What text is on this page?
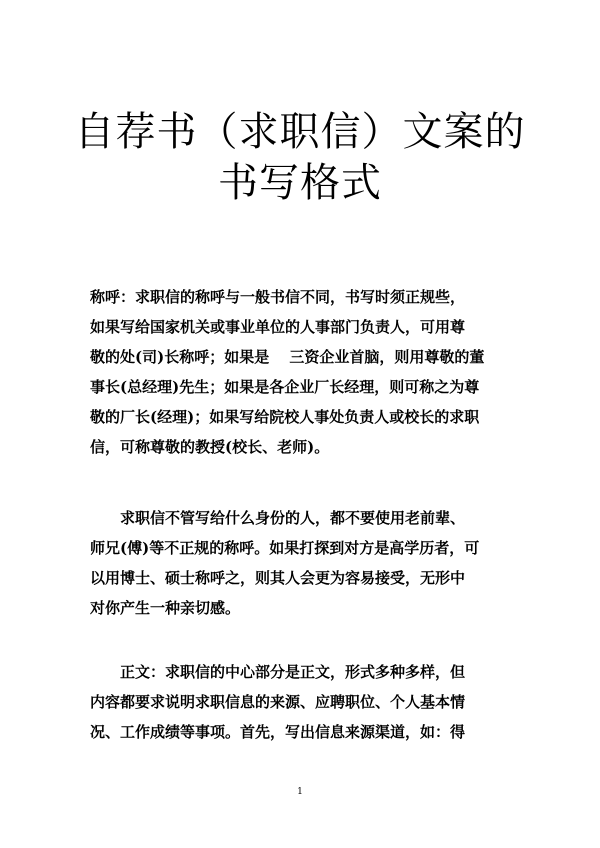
自荐书（求职信）文案的
书写格式
称呼：求职信的称呼与一般书信不同，书写时须正规些，
如果写给国家机关或事业单位的人事部门负责人，可用尊
敬的处(司)长称呼；如果是　 三资企业首脑，则用尊敬的董
事长(总经理)先生；如果是各企业厂长经理，则可称之为尊
敬的厂长(经理)；如果写给院校人事处负责人或校长的求职
信，可称尊敬的教授(校长、老师)。
求职信不管写给什么身份的人，都不要使用老前辈、
师兄(傅)等不正规的称呼。如果打探到对方是高学历者，可
以用博士、硕士称呼之，则其人会更为容易接受，无形中
对你产生一种亲切感。
正文：求职信的中心部分是正文，形式多种多样，但
内容都要求说明求职信息的来源、应聘职位、个人基本情
况、工作成绩等事项。首先，写出信息来源渠道，如：得
1
